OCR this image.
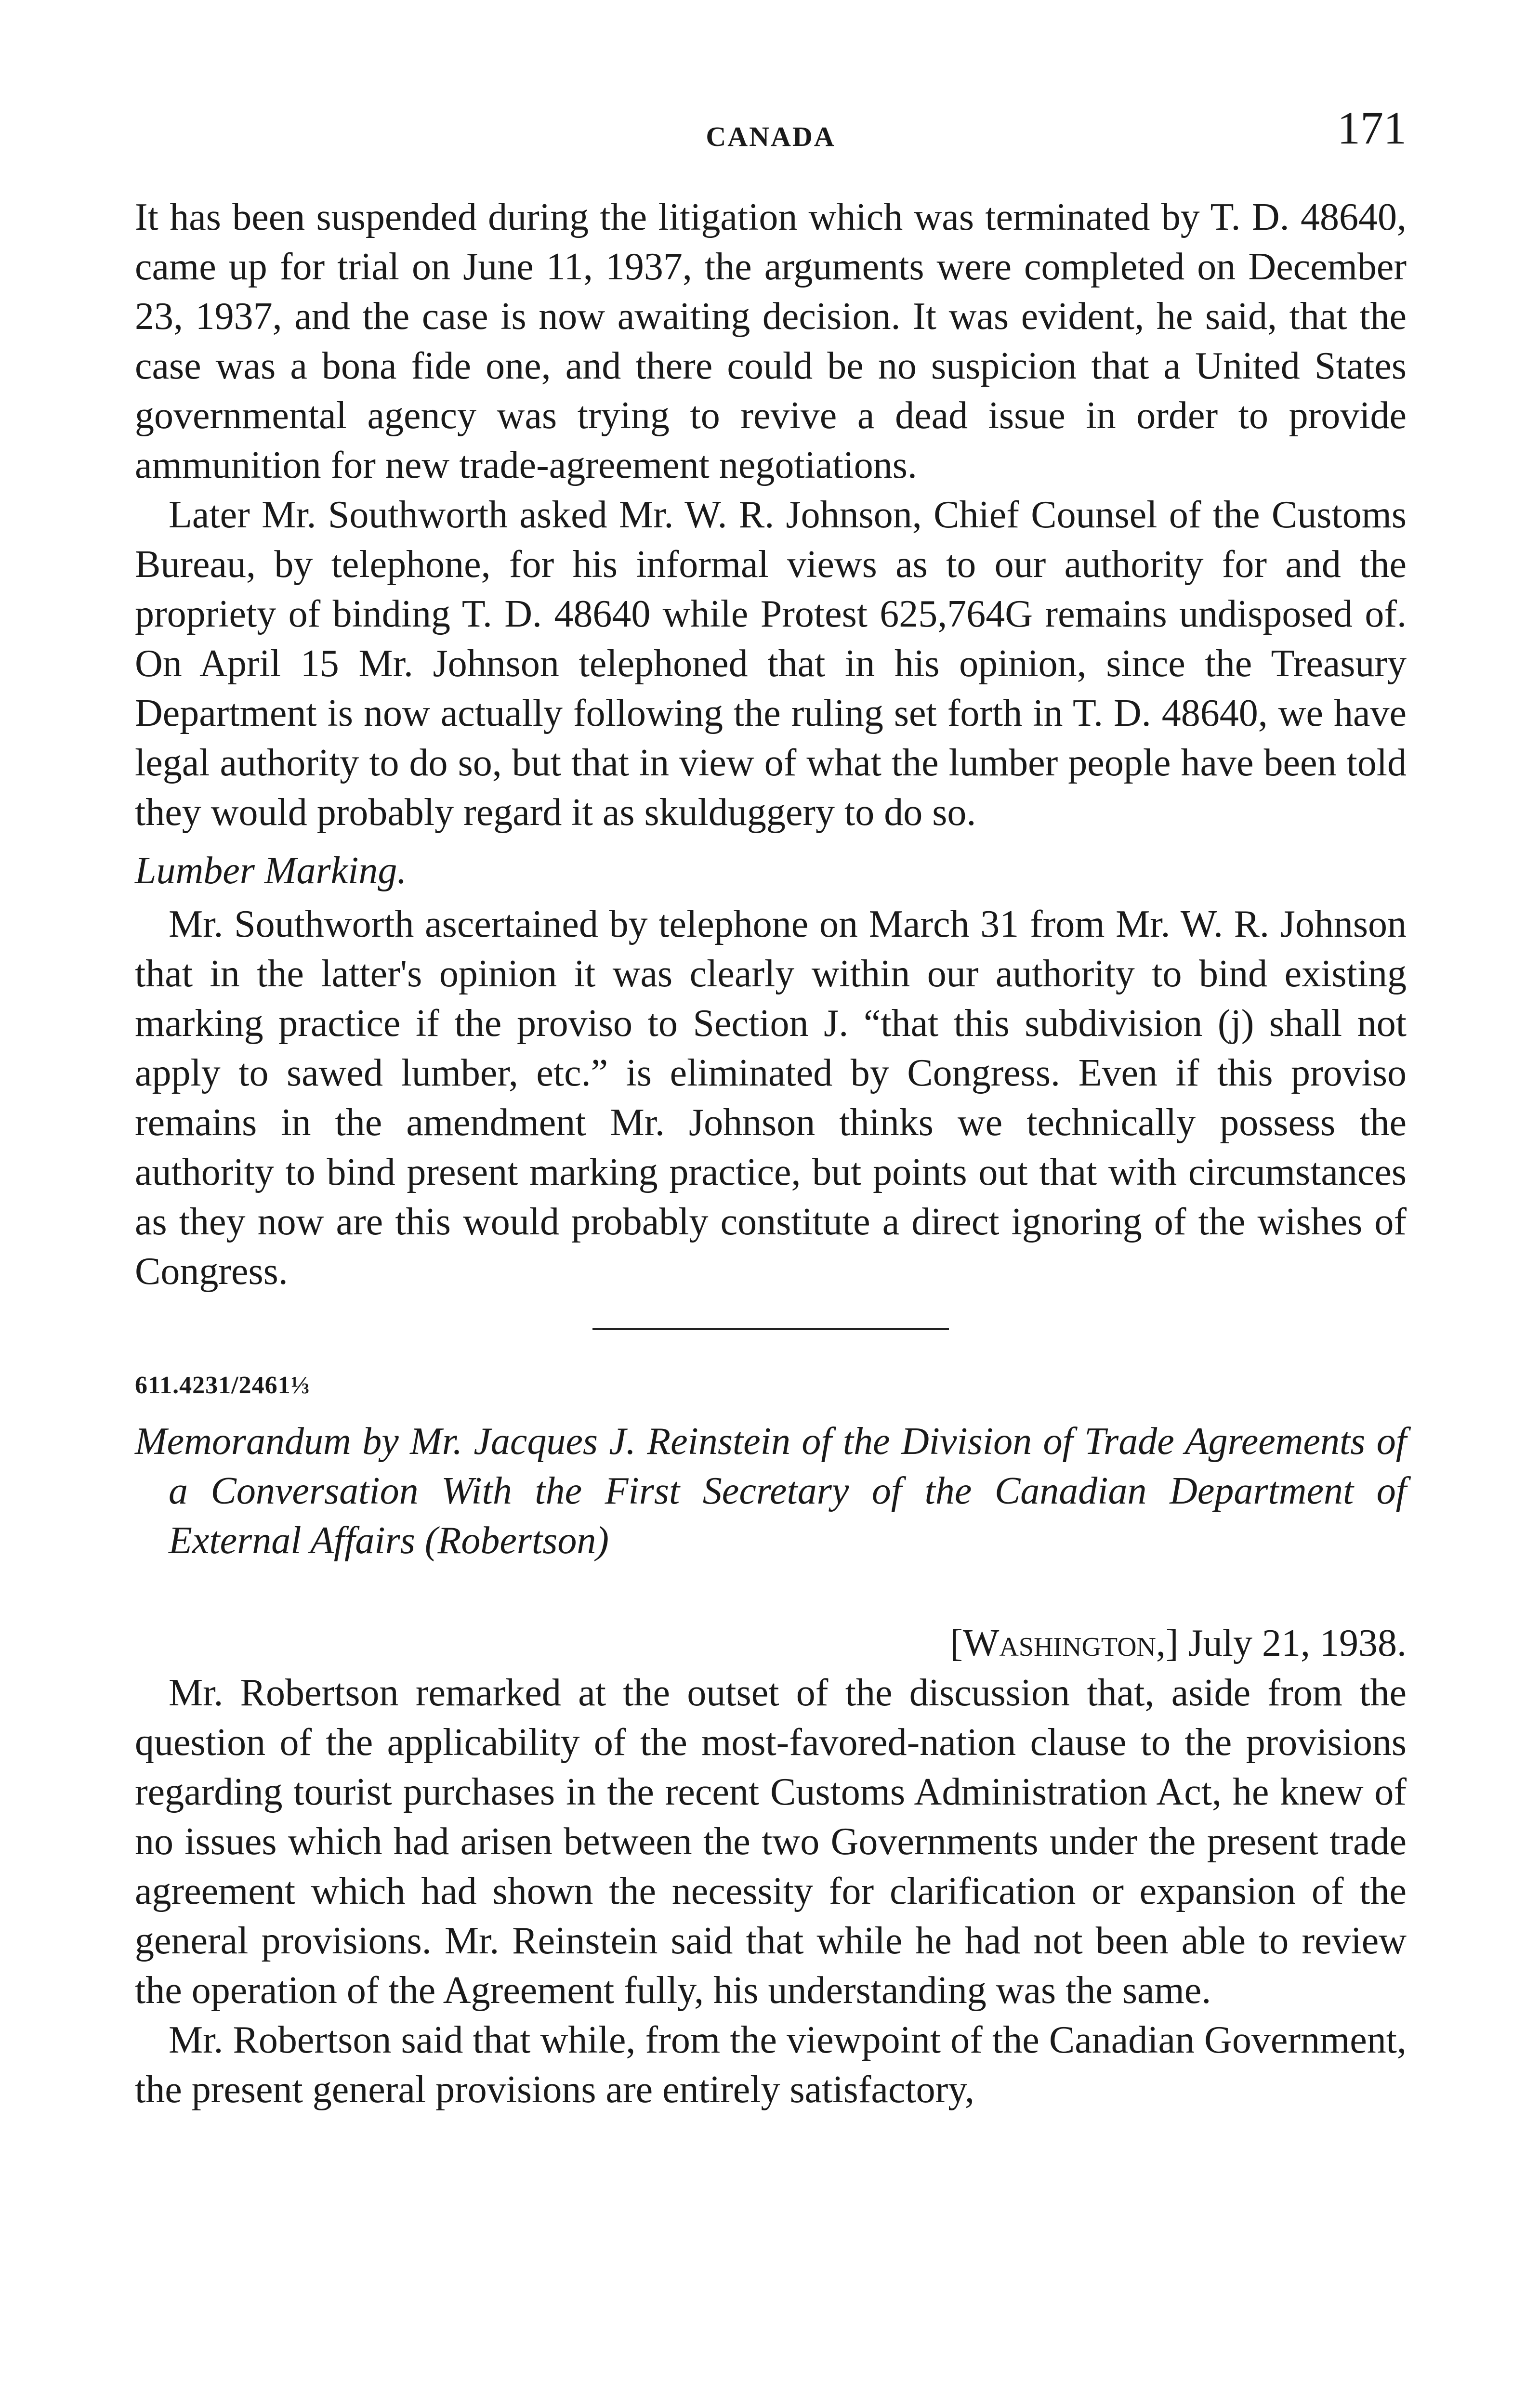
CANADA	171

It has been suspended during the litigation which was terminated by T. D. 48640, came up for trial on June 11, 1937, the arguments were completed on December 23, 1937, and the case is now awaiting decision. It was evident, he said, that the case was a bona fide one, and there could be no suspicion that a United States governmental agency was trying to revive a dead issue in order to provide ammunition for new trade-agreement negotiations.

Later Mr. Southworth asked Mr. W. R. Johnson, Chief Counsel of the Customs Bureau, by telephone, for his informal views as to our authority for and the propriety of binding T. D. 48640 while Protest 625,764G remains undisposed of. On April 15 Mr. Johnson telephoned that in his opinion, since the Treasury Department is now actually following the ruling set forth in T. D. 48640, we have legal authority to do so, but that in view of what the lumber people have been told they would probably regard it as skulduggery to do so.

Lumber Marking.

Mr. Southworth ascertained by telephone on March 31 from Mr. W. R. Johnson that in the latter's opinion it was clearly within our authority to bind existing marking practice if the proviso to Section J. “that this subdivision (j) shall not apply to sawed lumber, etc.” is eliminated by Congress. Even if this proviso remains in the amendment Mr. Johnson thinks we technically possess the authority to bind present marking practice, but points out that with circumstances as they now are this would probably constitute a direct ignoring of the wishes of Congress.

611.4231/2461⅓

Memorandum by Mr. Jacques J. Reinstein of the Division of Trade Agreements of a Conversation With the First Secretary of the Canadian Department of External Affairs (Robertson)

[Washington,] July 21, 1938.

Mr. Robertson remarked at the outset of the discussion that, aside from the question of the applicability of the most-favored-nation clause to the provisions regarding tourist purchases in the recent Customs Administration Act, he knew of no issues which had arisen between the two Governments under the present trade agreement which had shown the necessity for clarification or expansion of the general provisions. Mr. Reinstein said that while he had not been able to review the operation of the Agreement fully, his understanding was the same.

Mr. Robertson said that while, from the viewpoint of the Canadian Government, the present general provisions are entirely satisfactory,
